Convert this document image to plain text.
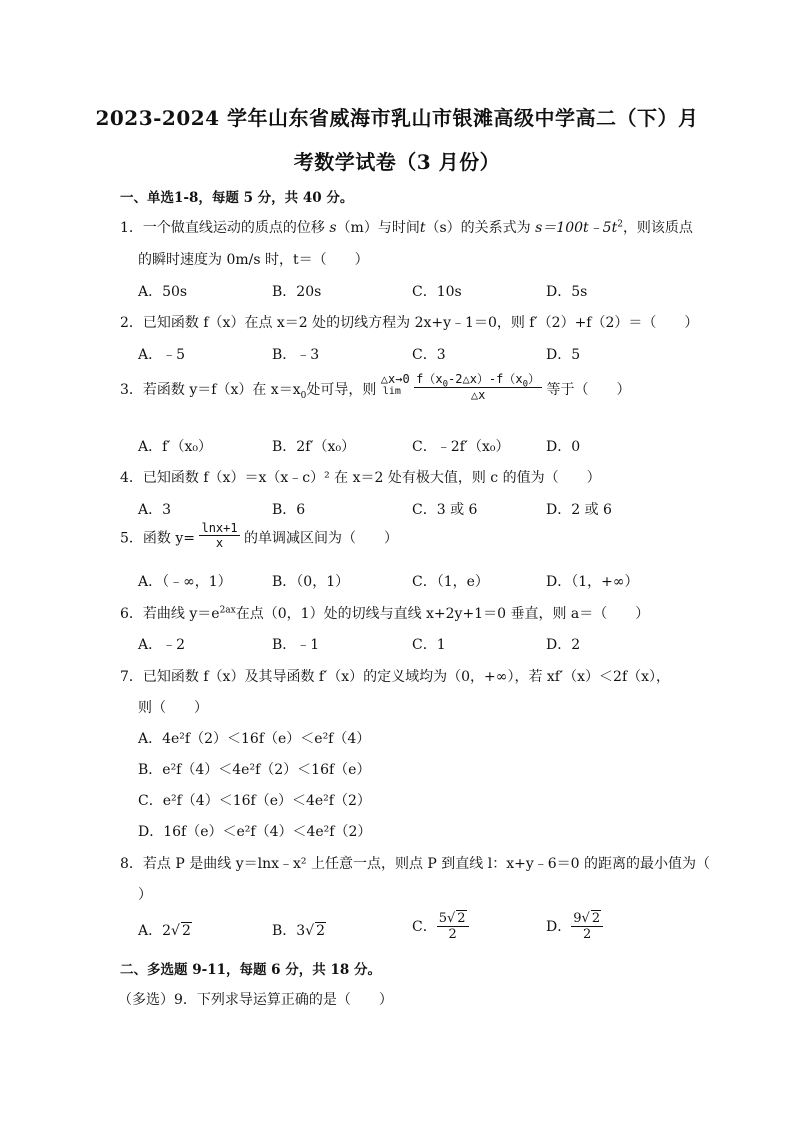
2023-2024 学年山东省威海市乳山市银滩高级中学高二（下）月
考数学试卷（3 月份）
一、单选1-8，每题 5 分，共 40 分。
1．一个做直线运动的质点的位移 s（m）与时间t（s）的关系式为 $s=100t﹣5t^2$，则该质点
的瞬时速度为 0m/s 时，t＝（　　）
A．50s	B．20s	C．10s	D．5s
2．已知函数 f（x）在点 x＝2 处的切线方程为 2x+y﹣1＝0，则 f′（2）+f（2）＝（　　）
A．﹣5	B．﹣3	C．3	D．5
3．若函数 y＝f（x）在 $x=x_0$处可导，则
△x→0
lim
	$\frac{f(x_0-2\triangle x)-f(x_0)}{\triangle x}$ 等于（　　）
A．f′（x₀）	B．2f′（x₀）	C．﹣2f′（x₀）	D．0
4．已知函数 f（x）＝x（x﹣c）² 在 x＝2 处有极大值，则 c 的值为（　　）
A．3	B．6	C．3 或 6	D．2 或 6
5．函数 $y= \frac{\ln x+1}{x}$ 的单调减区间为（　　）
A．（﹣∞，1）	B．（0，1）	C．（1，e）	D．（1，+∞）
6．若曲线 $y=e^{2ax}$在点（0，1）处的切线与直线 x+2y+1＝0 垂直，则 a＝（　　）
A．﹣2	B．﹣1	C．1	D．2
7．已知函数 f（x）及其导函数 f′（x）的定义域均为（0，+∞），若 xf′（x）＜2f（x），
则（　　）
A．4e²f（2）＜16f（e）＜e²f（4）
B．e²f（4）＜4e²f（2）＜16f（e）
C．e²f（4）＜16f（e）＜4e²f（2）
D．16f（e）＜e²f（4）＜4e²f（2）
8．若点 P 是曲线 y＝lnx﹣x² 上任意一点，则点 P 到直线 l：x+y﹣6＝0 的距离的最小值为（
）
A．2√ 2	B．3√ 2	C． $\frac{5√ 2}{2}$	D． $\frac{9√ 2}{2}$
二、多选题 9-11，每题 6 分，共 18 分。
（多选）9．下列求导运算正确的是（　　）
